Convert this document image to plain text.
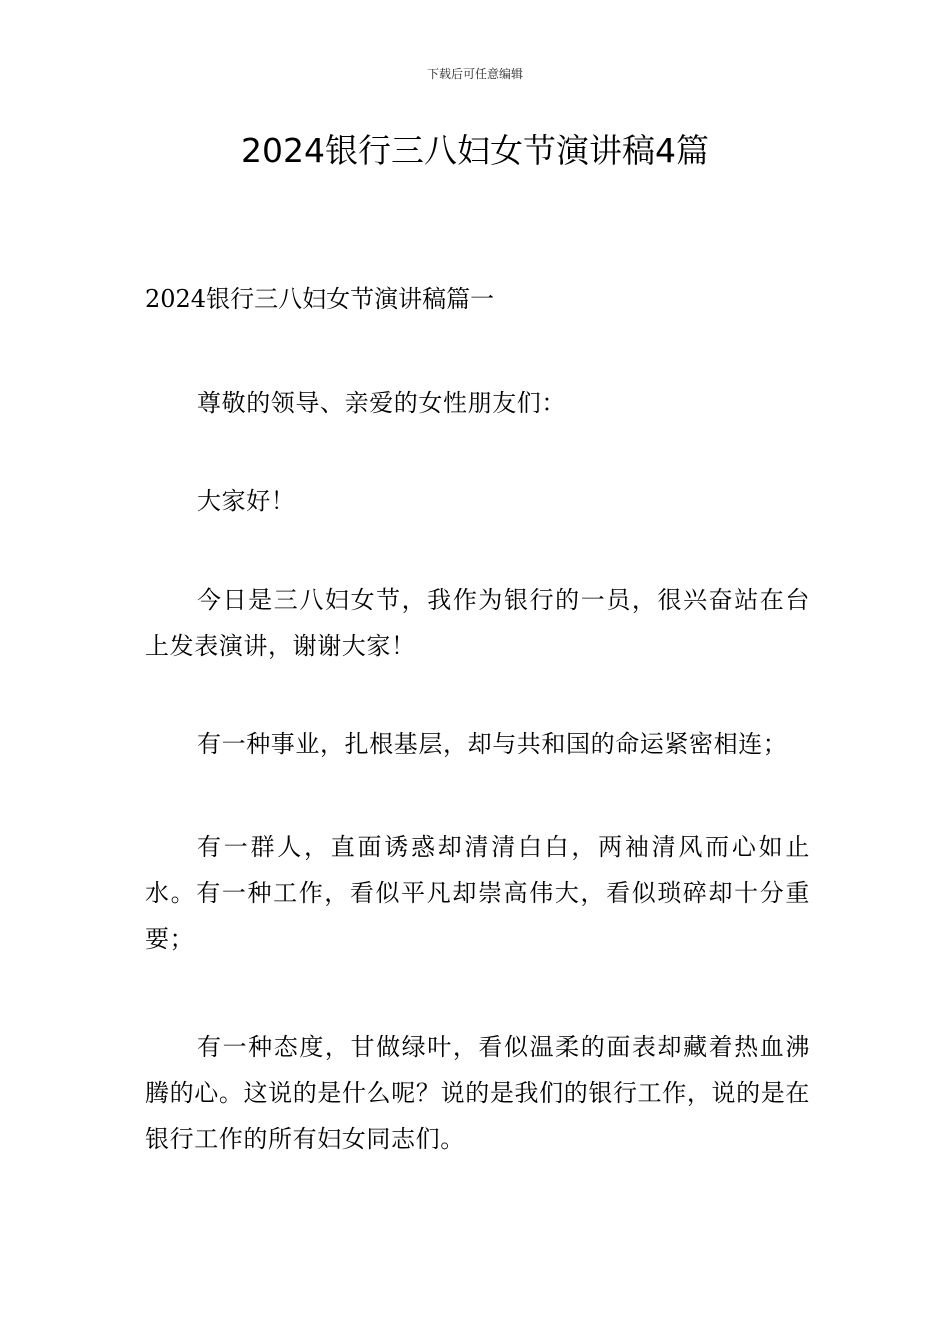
下载后可任意编辑
2024银行三八妇女节演讲稿4篇
2024银行三八妇女节演讲稿篇一

尊敬的领导、亲爱的女性朋友们：

大家好！

今日是三八妇女节，我作为银行的一员，很兴奋站在台上发表演讲，谢谢大家！

有一种事业，扎根基层，却与共和国的命运紧密相连；

有一群人，直面诱惑却清清白白，两袖清风而心如止水。有一种工作，看似平凡却崇高伟大，看似琐碎却十分重要；

有一种态度，甘做绿叶，看似温柔的面表却藏着热血沸腾的心。这说的是什么呢？说的是我们的银行工作，说的是在银行工作的所有妇女同志们。
